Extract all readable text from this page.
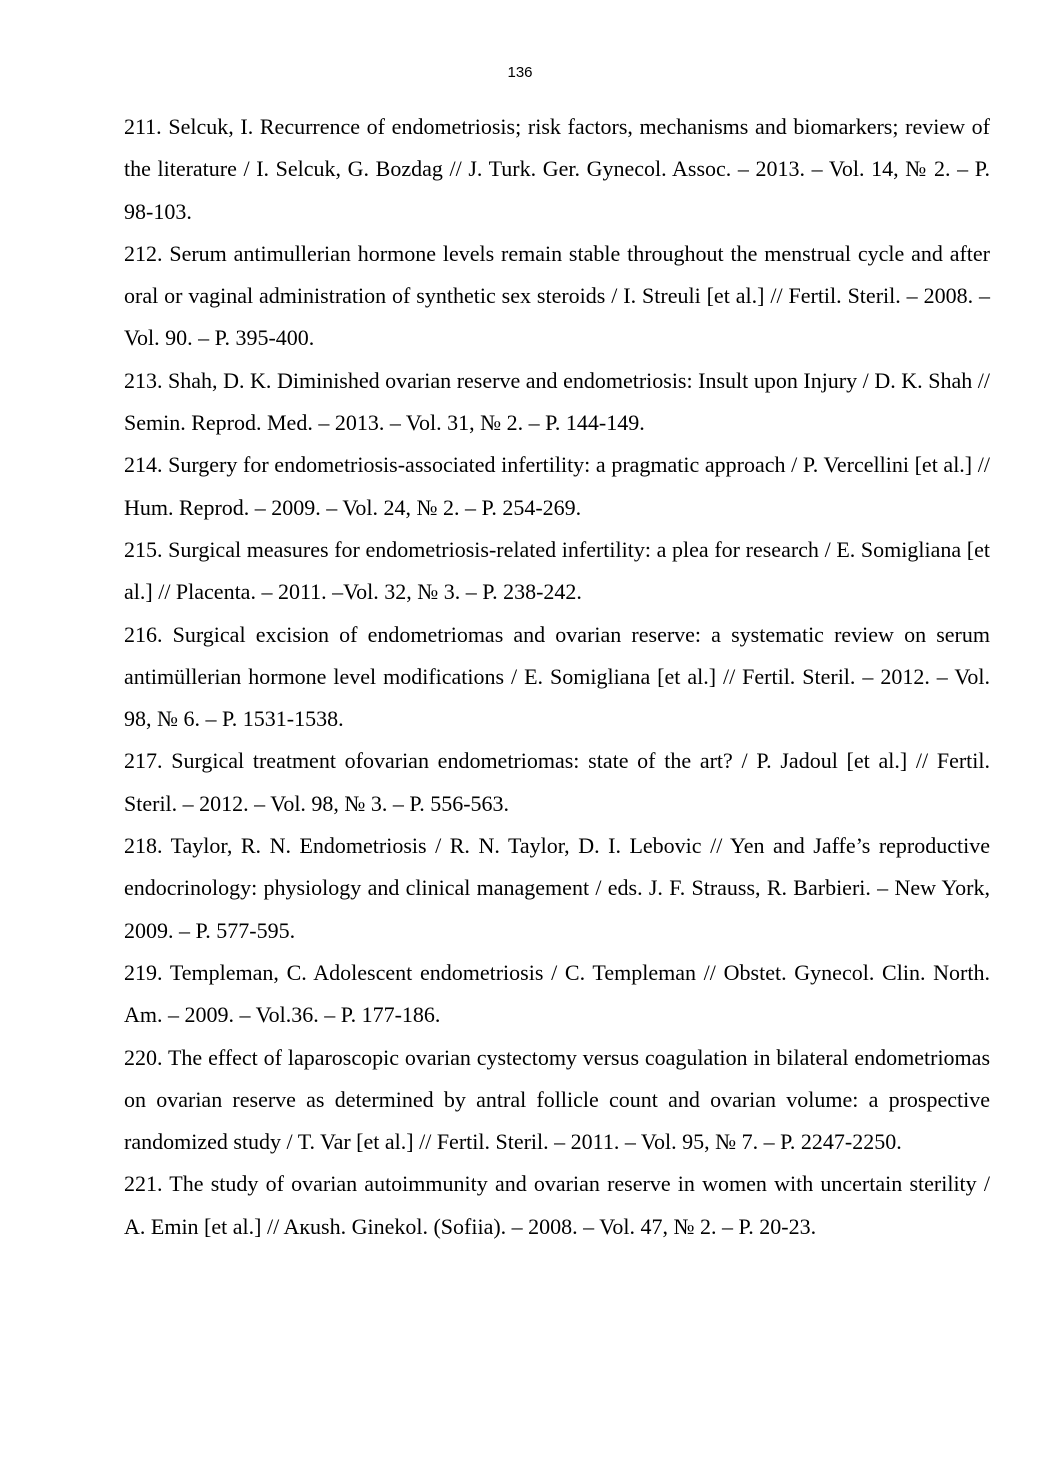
136

211. Selcuk, I. Recurrence of endometriosis; risk factors, mechanisms and biomarkers; review of the literature / I. Selcuk, G. Bozdag // J. Turk. Ger. Gynecol. Assoc. – 2013. – Vol. 14, № 2. – P. 98-103.

212. Serum antimullerian hormone levels remain stable throughout the menstrual cycle and after oral or vaginal administration of synthetic sex steroids / I. Streuli [et al.] // Fertil. Steril. – 2008. – Vol. 90. – P. 395-400.

213. Shah, D. K. Diminished ovarian reserve and endometriosis: Insult upon Injury / D. K. Shah // Semin. Reprod. Med. – 2013. – Vol. 31, № 2. – P. 144-149.

214. Surgery for endometriosis-associated infertility: a pragmatic approach / P. Vercellini [et al.] // Hum. Reprod. – 2009. – Vol. 24, № 2. – P. 254-269.

215. Surgical measures for endometriosis-related infertility: a plea for research / E. Somigliana [et al.] // Placenta. – 2011. –Vol. 32, № 3. – P. 238-242.

216. Surgical excision of endometriomas and ovarian reserve: a systematic review on serum antimüllerian hormone level modifications / E. Somigliana [et al.] // Fertil. Steril. – 2012. – Vol. 98, № 6. – P. 1531-1538.

217. Surgical treatment ofovarian endometriomas: state of the art? / P. Jadoul [et al.] // Fertil. Steril. – 2012. – Vol. 98, № 3. – P. 556-563.

218. Taylor, R. N. Endometriosis / R. N. Taylor, D. I. Lebovic // Yen and Jaffe’s reproductive endocrinology: physiology and clinical management / eds. J. F. Strauss, R. Barbieri. – New York, 2009. – P. 577-595.

219. Templeman, C. Adolescent endometriosis / C. Templeman // Obstet. Gynecol. Clin. North. Am. – 2009. – Vol.36. – P. 177-186.

220. The effect of laparoscopic ovarian cystectomy versus coagulation in bilateral endometriomas on ovarian reserve as determined by antral follicle count and ovarian volume: a prospective randomized study / T. Var [et al.] // Fertil. Steril. – 2011. – Vol. 95, № 7. – P. 2247-2250.

221. The study of ovarian autoimmunity and ovarian reserve in women with uncertain sterility / A. Emin [et al.] // Aкush. Ginekol. (Sofiia). – 2008. – Vol. 47, № 2. – P. 20-23.
